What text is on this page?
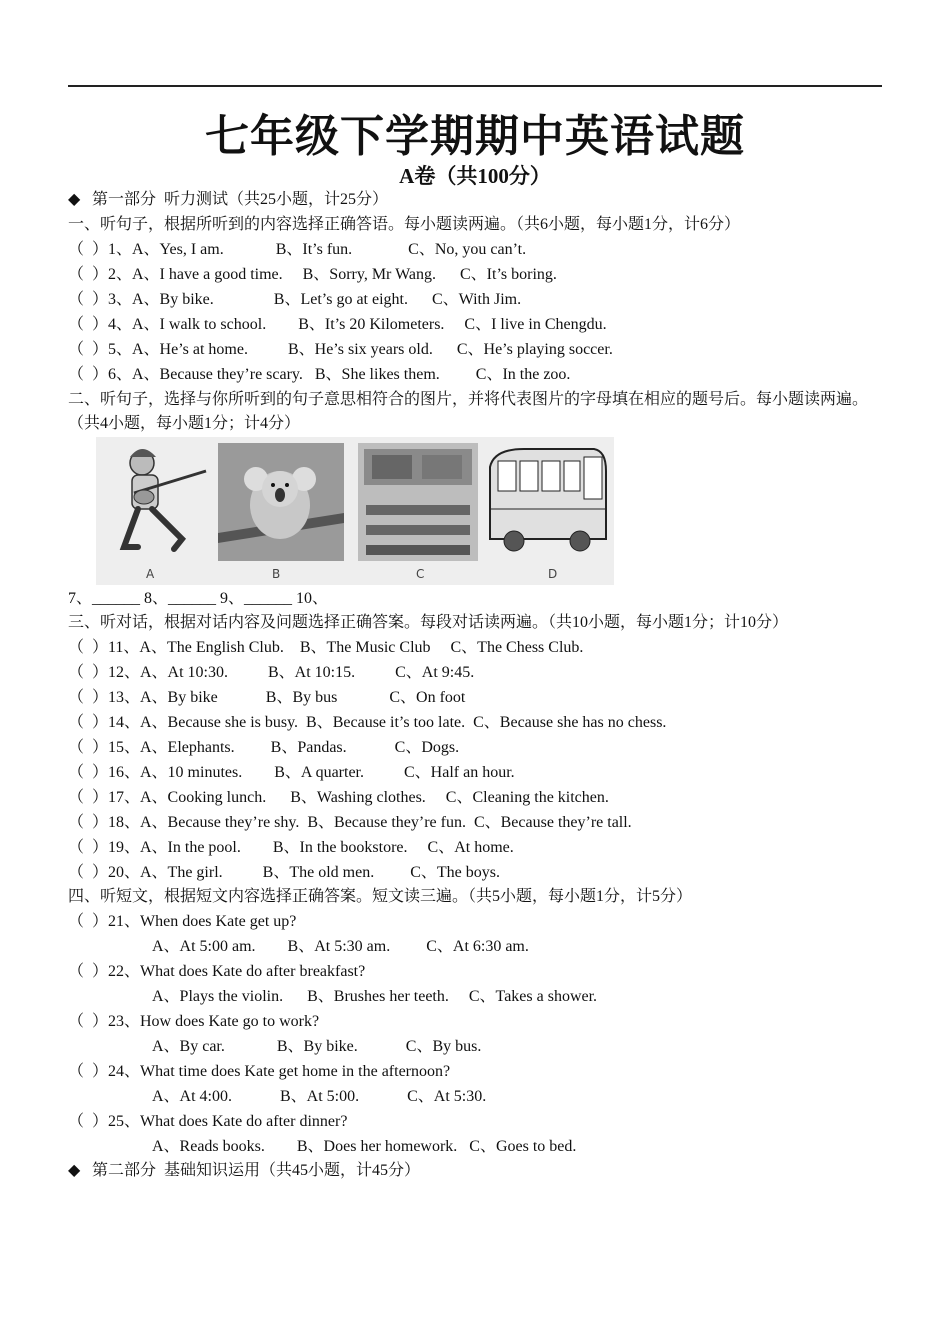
七年级下学期期中英语试题
A卷（共100分）
◆ 第一部分  听力测试（共25小题，计25分）
一、听句子，根据所听到的内容选择正确答语。每小题读两遍。（共6小题，每小题1分，计6分）
（  ）1、A、Yes, I am.             B、It’s fun.              C、No, you can’t.
（  ）2、A、I have a good time.     B、Sorry, Mr Wang.      C、It’s boring.
（  ）3、A、By bike.               B、Let’s go at eight.      C、With Jim.
（  ）4、A、I walk to school.        B、It’s 20 Kilometers.     C、I live in Chengdu.
（  ）5、A、He’s at home.          B、He’s six years old.      C、He’s playing soccer.
（  ）6、A、Because they’re scary.   B、She likes them.         C、In the zoo.
二、听句子，选择与你所听到的句子意思相符合的图片，并将代表图片的字母填在相应的题号后。每小题读两遍。
（共4小题，每小题1分；计4分）
A	B	C	D
7、______ 8、______ 9、______ 10、
三、听对话，根据对话内容及问题选择正确答案。每段对话读两遍。（共10小题，每小题1分；计10分）
（  ）11、A、The English Club.    B、The Music Club     C、The Chess Club.
（  ）12、A、At 10:30.          B、At 10:15.          C、At 9:45.
（  ）13、A、By bike            B、By bus             C、On foot
（  ）14、A、Because she is busy.  B、Because it’s too late.  C、Because she has no chess.
（  ）15、A、Elephants.         B、Pandas.            C、Dogs.
（  ）16、A、10 minutes.        B、A quarter.          C、Half an hour.
（  ）17、A、Cooking lunch.      B、Washing clothes.     C、Cleaning the kitchen.
（  ）18、A、Because they’re shy.  B、Because they’re fun.  C、Because they’re tall.
（  ）19、A、In the pool.        B、In the bookstore.     C、At home.
（  ）20、A、The girl.          B、The old men.         C、The boys.
四、听短文，根据短文内容选择正确答案。短文读三遍。（共5小题，每小题1分，计5分）
（  ）21、When does Kate get up?
A、At 5:00 am.        B、At 5:30 am.         C、At 6:30 am.
（  ）22、What does Kate do after breakfast?
A、Plays the violin.      B、Brushes her teeth.     C、Takes a shower.
（  ）23、How does Kate go to work?
A、By car.             B、By bike.            C、By bus.
（  ）24、What time does Kate get home in the afternoon?
A、At 4:00.            B、At 5:00.            C、At 5:30.
（  ）25、What does Kate do after dinner?
A、Reads books.        B、Does her homework.   C、Goes to bed.
◆ 第二部分  基础知识运用（共45小题，计45分）
